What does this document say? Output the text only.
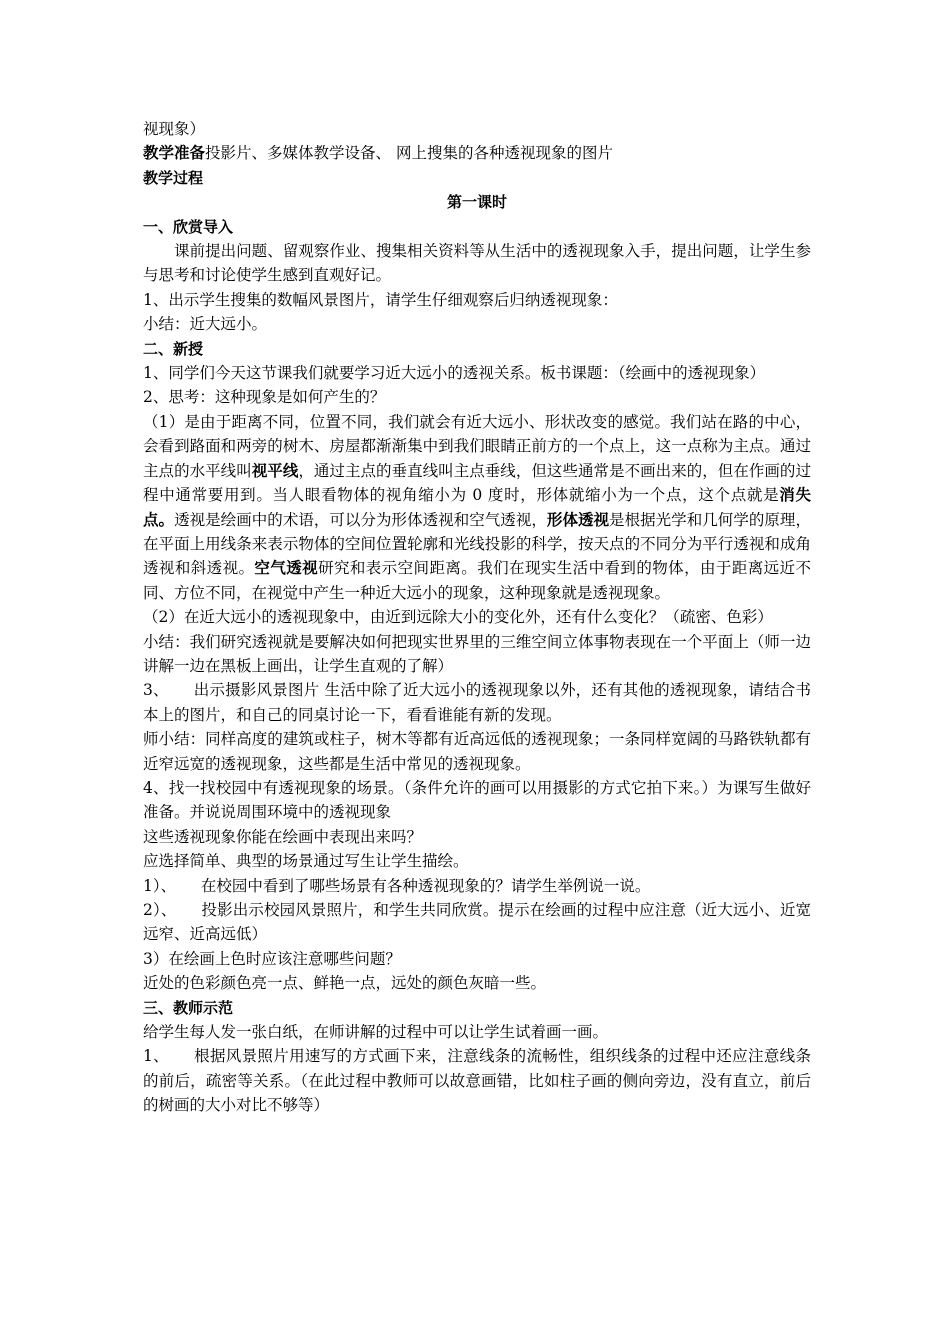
视现象）

教学准备投影片、多媒体教学设备、 网上搜集的各种透视现象的图片

教学过程

第一课时

一、欣赏导入

课前提出问题、留观察作业、搜集相关资料等从生活中的透视现象入手，提出问题，让学生参与思考和讨论使学生感到直观好记。

1、出示学生搜集的数幅风景图片，请学生仔细观察后归纳透视现象：

小结：近大远小。

二、新授

1、同学们今天这节课我们就要学习近大远小的透视关系。板书课题：（绘画中的透视现象）

2、思考：这种现象是如何产生的？

（1）是由于距离不同，位置不同，我们就会有近大远小、形状改变的感觉。我们站在路的中心，会看到路面和两旁的树木、房屋都渐渐集中到我们眼睛正前方的一个点上，这一点称为主点。通过主点的水平线叫视平线，通过主点的垂直线叫主点垂线，但这些通常是不画出来的，但在作画的过程中通常要用到。当人眼看物体的视角缩小为 0 度时，形体就缩小为一个点，这个点就是消失点。透视是绘画中的术语，可以分为形体透视和空气透视，形体透视是根据光学和几何学的原理，在平面上用线条来表示物体的空间位置轮廓和光线投影的科学，按天点的不同分为平行透视和成角透视和斜透视。空气透视研究和表示空间距离。我们在现实生活中看到的物体，由于距离远近不同、方位不同，在视觉中产生一种近大远小的现象，这种现象就是透视现象。

（2）在近大远小的透视现象中，由近到远除大小的变化外，还有什么变化？（疏密、色彩）

小结：我们研究透视就是要解决如何把现实世界里的三维空间立体事物表现在一个平面上（师一边讲解一边在黑板上画出，让学生直观的了解）

3、 出示摄影风景图片 生活中除了近大远小的透视现象以外，还有其他的透视现象，请结合书本上的图片，和自己的同桌讨论一下，看看谁能有新的发现。

师小结：同样高度的建筑或柱子，树木等都有近高远低的透视现象；一条同样宽阔的马路铁轨都有近窄远宽的透视现象，这些都是生活中常见的透视现象。

4、找一找校园中有透视现象的场景。（条件允许的画可以用摄影的方式它拍下来。）为课写生做好准备。并说说周围环境中的透视现象

这些透视现象你能在绘画中表现出来吗？

应选择简单、典型的场景通过写生让学生描绘。

1）、 在校园中看到了哪些场景有各种透视现象的？请学生举例说一说。

2）、 投影出示校园风景照片，和学生共同欣赏。提示在绘画的过程中应注意（近大远小、近宽远窄、近高远低）

3）在绘画上色时应该注意哪些问题？

近处的色彩颜色亮一点、鲜艳一点，远处的颜色灰暗一些。

三、教师示范

给学生每人发一张白纸，在师讲解的过程中可以让学生试着画一画。

1、 根据风景照片用速写的方式画下来，注意线条的流畅性，组织线条的过程中还应注意线条的前后，疏密等关系。（在此过程中教师可以故意画错，比如柱子画的侧向旁边，没有直立，前后的树画的大小对比不够等）
